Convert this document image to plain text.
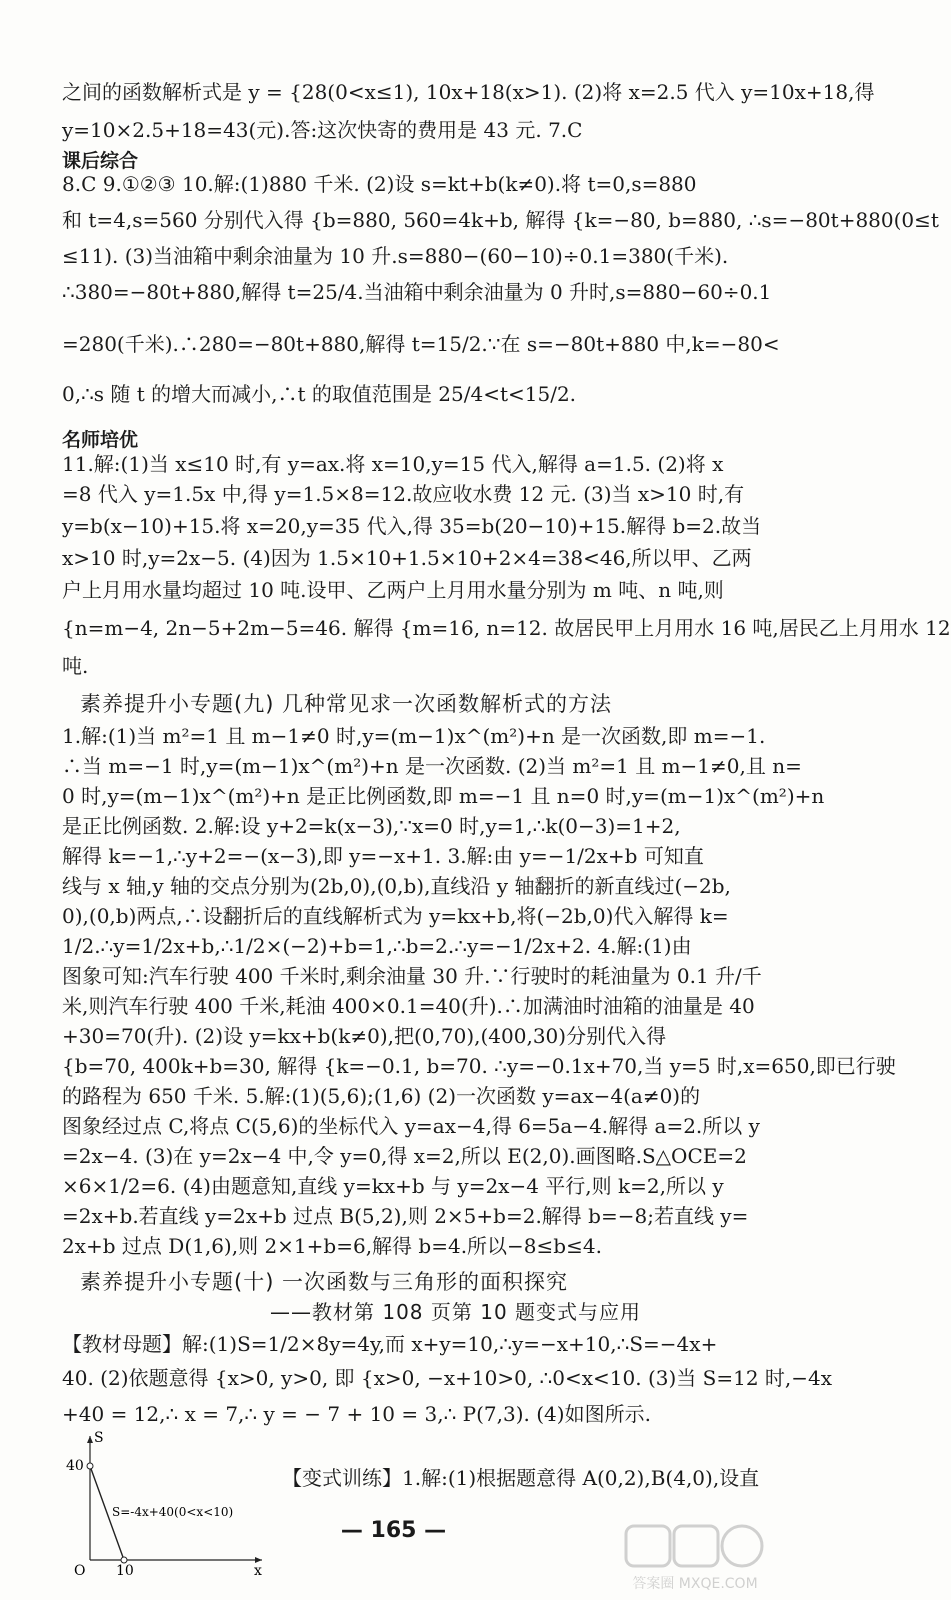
之间的函数解析式是 y = {28(0<x≤1), 10x+18(x>1). (2)将 x=2.5 代入 y=10x+18,得
y=10×2.5+18=43(元).答:这次快寄的费用是 43 元. 7.C
课后综合
8.C 9.①②③ 10.解:(1)880 千米. (2)设 s=kt+b(k≠0).将 t=0,s=880
和 t=4,s=560 分别代入得 {b=880, 560=4k+b, 解得 {k=−80, b=880, ∴s=−80t+880(0≤t
≤11). (3)当油箱中剩余油量为 10 升.s=880−(60−10)÷0.1=380(千米).
∴380=−80t+880,解得 t=25/4.当油箱中剩余油量为 0 升时,s=880−60÷0.1
=280(千米).∴280=−80t+880,解得 t=15/2.∵在 s=−80t+880 中,k=−80<
0,∴s 随 t 的增大而减小,∴t 的取值范围是 25/4<t<15/2.
名师培优
11.解:(1)当 x≤10 时,有 y=ax.将 x=10,y=15 代入,解得 a=1.5. (2)将 x
=8 代入 y=1.5x 中,得 y=1.5×8=12.故应收水费 12 元. (3)当 x>10 时,有
y=b(x−10)+15.将 x=20,y=35 代入,得 35=b(20−10)+15.解得 b=2.故当
x>10 时,y=2x−5. (4)因为 1.5×10+1.5×10+2×4=38<46,所以甲、乙两
户上月用水量均超过 10 吨.设甲、乙两户上月用水量分别为 m 吨、n 吨,则
{n=m−4, 2n−5+2m−5=46. 解得 {m=16, n=12. 故居民甲上月用水 16 吨,居民乙上月用水 12
吨.
素养提升小专题(九) 几种常见求一次函数解析式的方法
1.解:(1)当 m²=1 且 m−1≠0 时,y=(m−1)x^(m²)+n 是一次函数,即 m=−1.
∴当 m=−1 时,y=(m−1)x^(m²)+n 是一次函数. (2)当 m²=1 且 m−1≠0,且 n=
0 时,y=(m−1)x^(m²)+n 是正比例函数,即 m=−1 且 n=0 时,y=(m−1)x^(m²)+n
是正比例函数. 2.解:设 y+2=k(x−3),∵x=0 时,y=1,∴k(0−3)=1+2,
解得 k=−1,∴y+2=−(x−3),即 y=−x+1. 3.解:由 y=−1/2x+b 可知直
线与 x 轴,y 轴的交点分别为(2b,0),(0,b),直线沿 y 轴翻折的新直线过(−2b,
0),(0,b)两点,∴设翻折后的直线解析式为 y=kx+b,将(−2b,0)代入解得 k=
1/2.∴y=1/2x+b,∴1/2×(−2)+b=1,∴b=2.∴y=−1/2x+2. 4.解:(1)由
图象可知:汽车行驶 400 千米时,剩余油量 30 升.∵行驶时的耗油量为 0.1 升/千
米,则汽车行驶 400 千米,耗油 400×0.1=40(升).∴加满油时油箱的油量是 40
+30=70(升). (2)设 y=kx+b(k≠0),把(0,70),(400,30)分别代入得
{b=70, 400k+b=30, 解得 {k=−0.1, b=70. ∴y=−0.1x+70,当 y=5 时,x=650,即已行驶
的路程为 650 千米. 5.解:(1)(5,6);(1,6) (2)一次函数 y=ax−4(a≠0)的
图象经过点 C,将点 C(5,6)的坐标代入 y=ax−4,得 6=5a−4.解得 a=2.所以 y
=2x−4. (3)在 y=2x−4 中,令 y=0,得 x=2,所以 E(2,0).画图略.S△OCE=2
×6×1/2=6. (4)由题意知,直线 y=kx+b 与 y=2x−4 平行,则 k=2,所以 y
=2x+b.若直线 y=2x+b 过点 B(5,2),则 2×5+b=2.解得 b=−8;若直线 y=
2x+b 过点 D(1,6),则 2×1+b=6,解得 b=4.所以−8≤b≤4.
素养提升小专题(十) 一次函数与三角形的面积探究
——教材第 108 页第 10 题变式与应用
【教材母题】解:(1)S=1/2×8y=4y,而 x+y=10,∴y=−x+10,∴S=−4x+
40. (2)依题意得 {x>0, y>0, 即 {x>0, −x+10>0, ∴0<x<10. (3)当 S=12 时,−4x
+40 = 12,∴ x = 7,∴ y = − 7 + 10 = 3,∴ P(7,3). (4)如图所示.
S
x
O
40
10
S=-4x+40(0<x<10)
【变式训练】1.解:(1)根据题意得 A(0,2),B(4,0),设直
— 165 —
答案圈 MXQE.COM
